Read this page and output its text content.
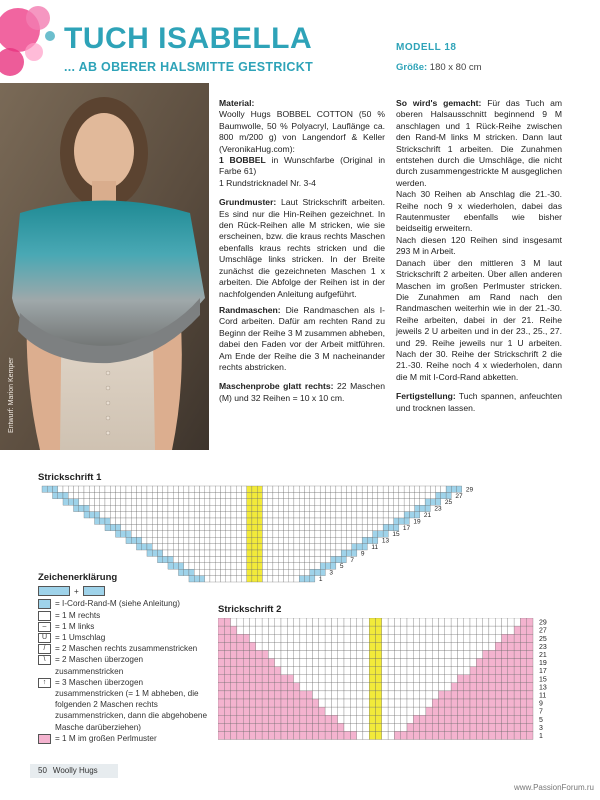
TUCH ISABELLA
... AB OBERER HALSMITTE GESTRICKT
MODELL 18
Größe: 180 x 80 cm
Entwurf: Marion Kemper

Material:
Woolly Hugs BOBBEL COTTON (50 % Baumwolle, 50 % Polyacryl, Lauflänge ca. 800 m/200 g) von Langendorf & Keller (VeronikaHug.com):
1 BOBBEL in Wunschfarbe (Original in Farbe 61)
1 Rundstricknadel Nr. 3-4

Grundmuster: Laut Strickschrift arbeiten. Es sind nur die Hin-Reihen gezeichnet. In den Rück-Reihen alle M stricken, wie sie erscheinen, bzw. die kraus rechts Maschen ebenfalls kraus rechts stricken und die Umschläge links stricken. In der Breite zunächst die gezeichneten Maschen 1 x arbeiten. Die Abfolge der Reihen ist in der nachfolgenden Anleitung aufgeführt.

Randmaschen: Die Randmaschen als I-Cord arbeiten. Dafür am rechten Rand zu Beginn der Reihe 3 M zusammen abheben, dabei den Faden vor der Arbeit mitführen. Am Ende der Reihe die 3 M nacheinander rechts abstricken.

Maschenprobe glatt rechts: 22 Maschen (M) und 32 Reihen = 10 x 10 cm.

So wird's gemacht: Für das Tuch am oberen Halsausschnitt beginnend 9 M anschlagen und 1 Rück-Reihe zwischen den Rand-M links M stricken. Dann laut Strickschrift 1 arbeiten. Die Zunahmen entstehen durch die Umschläge, die nicht durch zusammengestrickte M ausgeglichen werden.
Nach 30 Reihen ab Anschlag die 21.-30. Reihe noch 9 x wiederholen, dabei das Rautenmuster ebenfalls wie bisher beidseitig erweitern.
Nach diesen 120 Reihen sind insgesamt 293 M in Arbeit.
Danach über den mittleren 3 M laut Strickschrift 2 arbeiten. Über allen anderen Maschen im großen Perlmuster stricken. Die Zunahmen am Rand nach den Randmaschen weiterhin wie in der 21.-30. Reihe arbeiten, dabei in der 21. Reihe jeweils 2 U arbeiten und in der 23., 25., 27. und 29. Reihe jeweils nur 1 U arbeiten. Nach der 30. Reihe der Strickschrift 2 die 21.-30. Reihe noch 4 x wiederholen, dann die M mit I-Cord-Rand abketten.

Fertigstellung: Tuch spannen, anfeuchten und trocknen lassen.

Strickschrift 1
29
27
25
23
21
19
17
15
13
11
9
7
5
3
1
Zeichenerklärung
+
= I-Cord-Rand-M (siehe Anleitung)
= 1 M rechts
–	= 1 M links
U = 1 Umschlag
/	= 2 Maschen rechts zusammenstricken
\	= 2 Maschen überzogen zusammenstricken
↑	= 3 Maschen überzogen zusammenstricken (= 1 M abheben, die folgenden 2 Maschen rechts zusammenstricken, dann die abgehobene Masche darüberziehen)
= 1 M im großen Perlmuster
Strickschrift 2
29
27
25
23
21
19
17
15
13
11
9
7
5
3
1
50 Woolly Hugs
www.PassionForum.ru
